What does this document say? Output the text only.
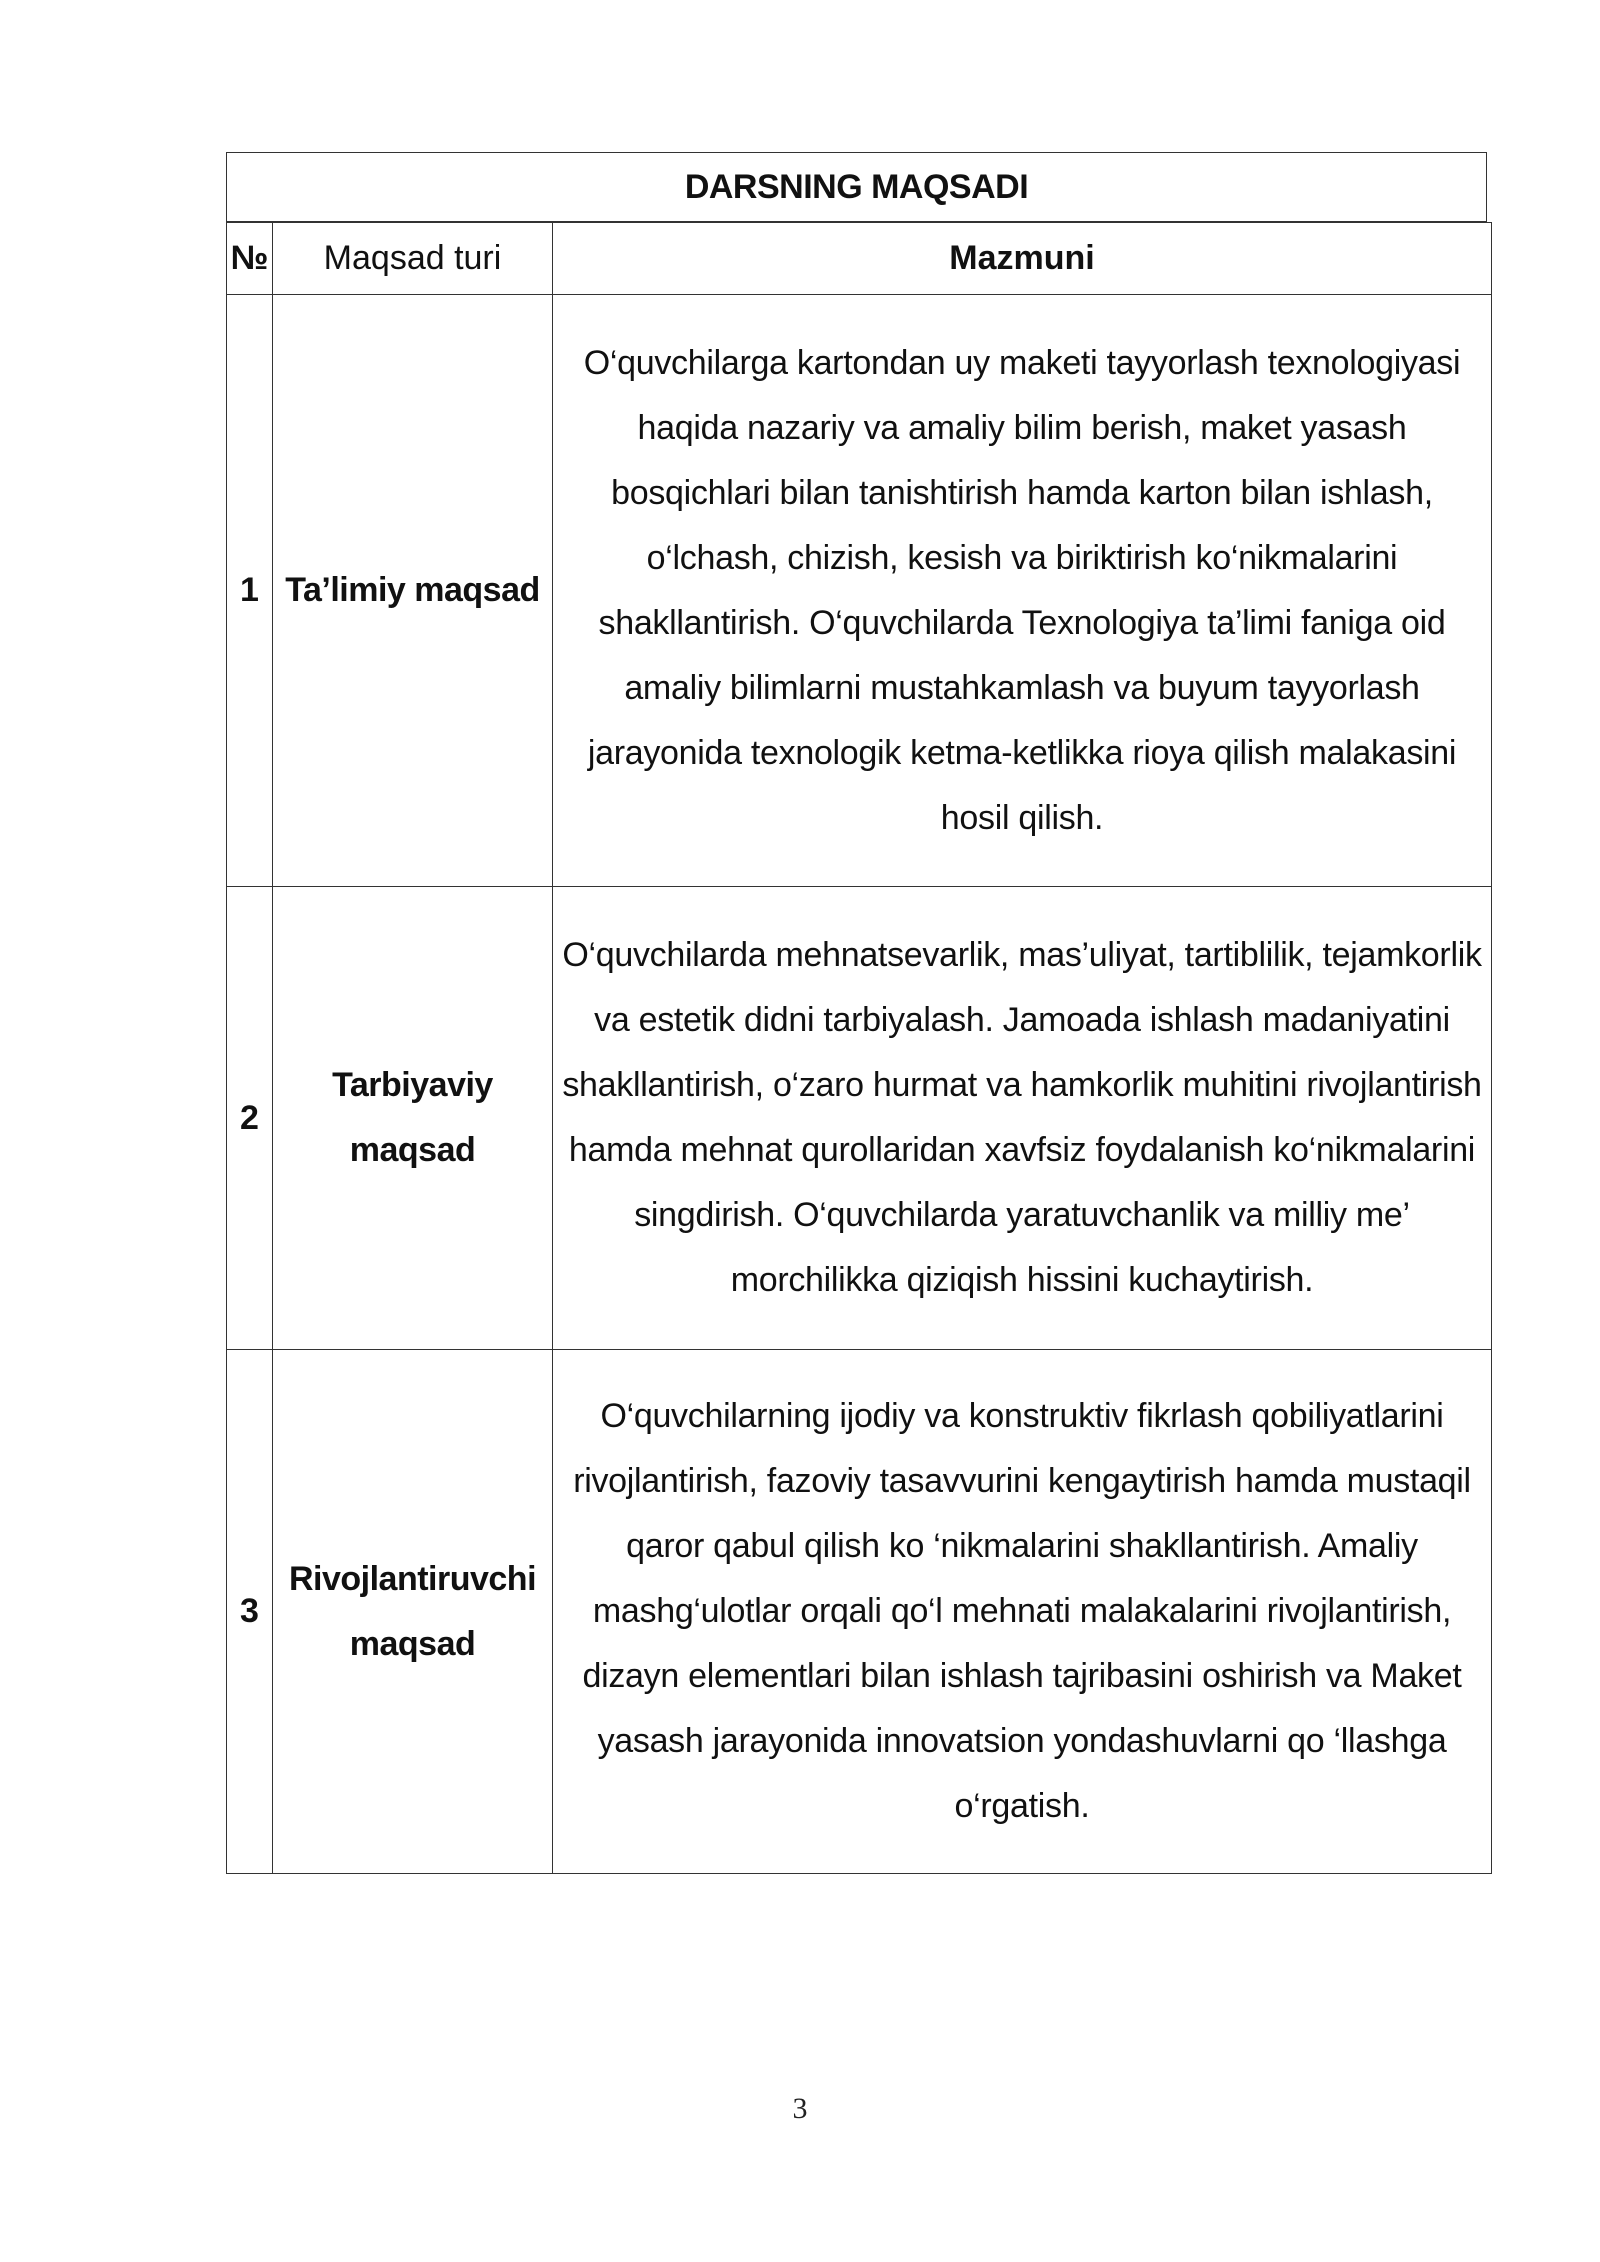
DARSNING MAQSADI
№	Maqsad turi	Mazmuni
1	Ta’limiy maqsad	O‘quvchilarga kartondan uy maketi tayyorlash texnologiyasi haqida nazariy va amaliy bilim berish, maket yasash bosqichlari bilan tanishtirish hamda karton bilan ishlash, o‘lchash, chizish, kesish va biriktirish ko‘nikmalarini shakllantirish. O‘quvchilarda Texnologiya ta’limi faniga oid amaliy bilimlarni mustahkamlash va buyum tayyorlash jarayonida texnologik ketma-ketlikka rioya qilish malakasini hosil qilish.
2	Tarbiyaviy maqsad	O‘quvchilarda mehnatsevarlik, mas’uliyat, tartiblilik, tejamkorlik va estetik didni tarbiyalash. Jamoada ishlash madaniyatini shakllantirish, o‘zaro hurmat va hamkorlik muhitini rivojlantirish hamda mehnat qurollaridan xavfsiz foydalanish ko‘nikmalarini singdirish. O‘quvchilarda yaratuvchanlik va milliy me’ morchilikka qiziqish hissini kuchaytirish.
3	Rivojlantiruvchi maqsad	O‘quvchilarning ijodiy va konstruktiv fikrlash qobiliyatlarini rivojlantirish, fazoviy tasavvurini kengaytirish hamda mustaqil qaror qabul qilish ko ‘nikmalarini shakllantirish. Amaliy mashg‘ulotlar orqali qo‘l mehnati malakalarini rivojlantirish, dizayn elementlari bilan ishlash tajribasini oshirish va Maket yasash jarayonida innovatsion yondashuvlarni qo ‘llashga o‘rgatish.
3
